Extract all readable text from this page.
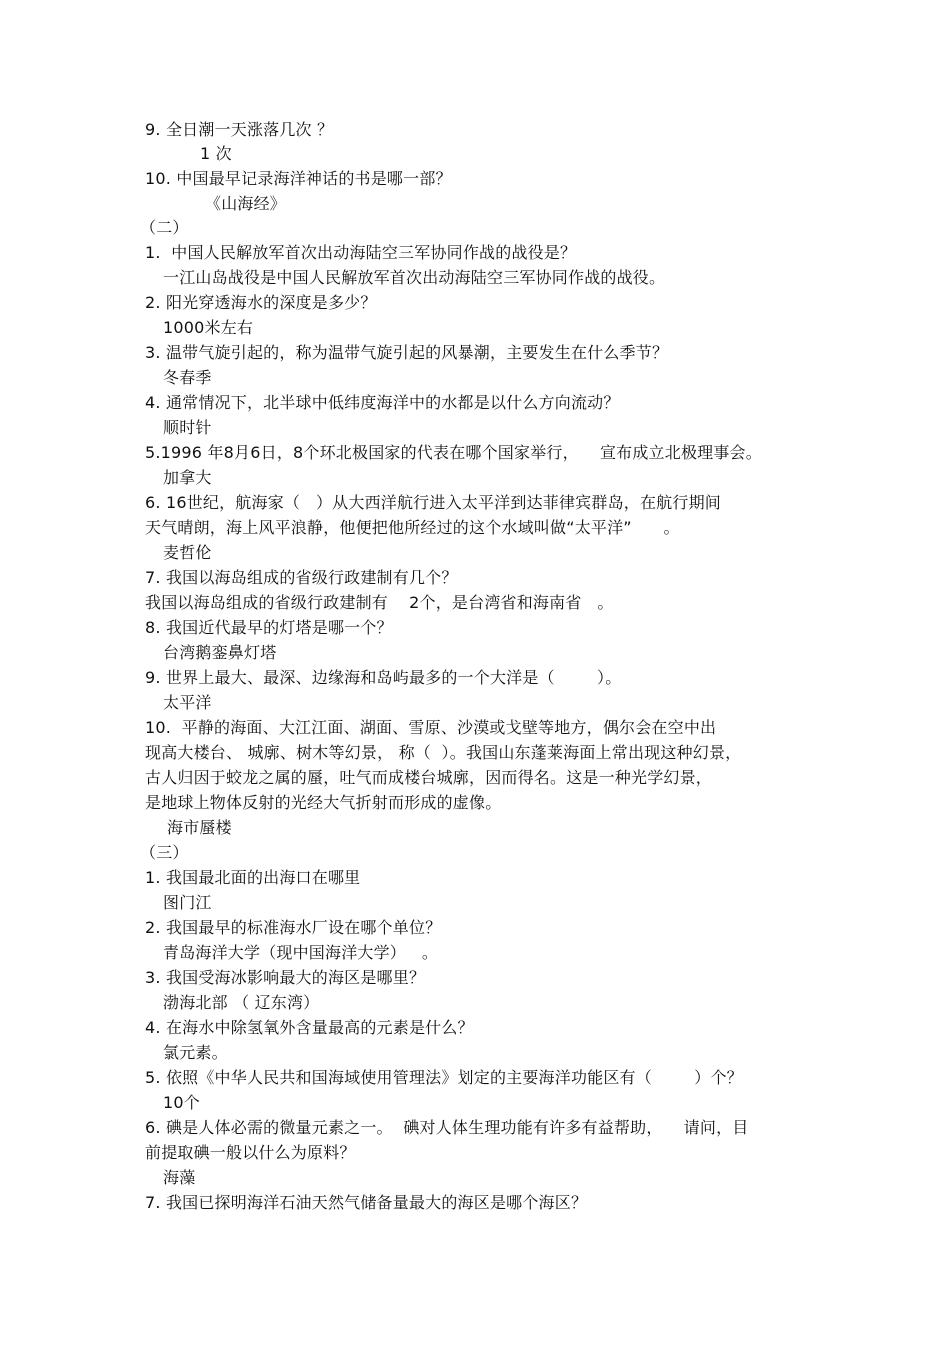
9. 全日潮一天涨落几次 ？
1 次
10. 中国最早记录海洋神话的书是哪一部？
《山海经》
（二）
1.  中国人民解放军首次出动海陆空三军协同作战的战役是？
一江山岛战役是中国人民解放军首次出动海陆空三军协同作战的战役。
2. 阳光穿透海水的深度是多少？
1000米左右
3. 温带气旋引起的，称为温带气旋引起的风暴潮，主要发生在什么季节？
冬春季
4. 通常情况下，北半球中低纬度海洋中的水都是以什么方向流动？
顺时针
5.1996 年8月6日，8个环北极国家的代表在哪个国家举行，    宣布成立北极理事会。
加拿大
6. 16世纪，航海家（   ）从大西洋航行进入太平洋到达菲律宾群岛，在航行期间
天气晴朗，海上风平浪静，他便把他所经过的这个水域叫做“太平洋”      。
麦哲伦
7. 我国以海岛组成的省级行政建制有几个？
我国以海岛组成的省级行政建制有    2个，是台湾省和海南省   。
8. 我国近代最早的灯塔是哪一个？
台湾鹅銮鼻灯塔
9. 世界上最大、最深、边缘海和岛屿最多的一个大洋是（        ）。
太平洋
10.  平静的海面、大江江面、湖面、雪原、沙漠或戈壁等地方，偶尔会在空中出
现高大楼台、 城廓、树木等幻景， 称（  ）。我国山东蓬莱海面上常出现这种幻景，
古人归因于蛟龙之属的蜃，吐气而成楼台城廓，因而得名。这是一种光学幻景，
是地球上物体反射的光经大气折射而形成的虚像。
海市蜃楼
（三）
1. 我国最北面的出海口在哪里
图门江
2. 我国最早的标准海水厂设在哪个单位？
青岛海洋大学（现中国海洋大学）   。
3. 我国受海冰影响最大的海区是哪里？
渤海北部 （ 辽东湾）
4. 在海水中除氢氧外含量最高的元素是什么？
氯元素。
5. 依照《中华人民共和国海域使用管理法》划定的主要海洋功能区有（        ）个？
10个
6. 碘是人体必需的微量元素之一。  碘对人体生理功能有许多有益帮助，    请问，目
前提取碘一般以什么为原料？
海藻
7. 我国已探明海洋石油天然气储备量最大的海区是哪个海区？
